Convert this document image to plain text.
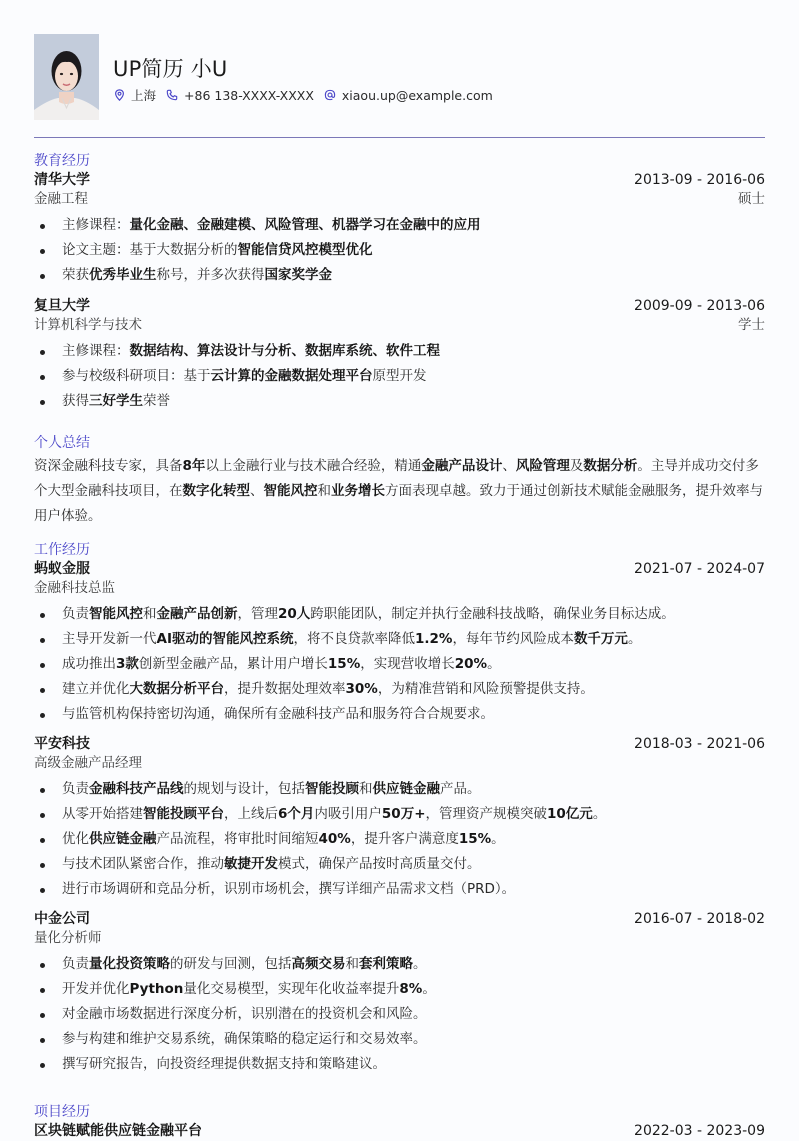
UP简历 小U
上海 +86 138-XXXX-XXXX xiaou.up@example.com
教育经历
清华大学	2013-09 - 2016-06
金融工程	硕士
主修课程：量化金融、金融建模、风险管理、机器学习在金融中的应用
论文主题：基于大数据分析的智能信贷风控模型优化
荣获优秀毕业生称号，并多次获得国家奖学金
复旦大学	2009-09 - 2013-06
计算机科学与技术	学士
主修课程：数据结构、算法设计与分析、数据库系统、软件工程
参与校级科研项目：基于云计算的金融数据处理平台原型开发
获得三好学生荣誉
个人总结

资深金融科技专家，具备8年以上金融行业与技术融合经验，精通金融产品设计、风险管理及数据分析。主导并成功交付多个大型金融科技项目，在数字化转型、智能风控和业务增长方面表现卓越。致力于通过创新技术赋能金融服务，提升效率与用户体验。

工作经历
蚂蚁金服	2021-07 - 2024-07
金融科技总监
负责智能风控和金融产品创新，管理20人跨职能团队，制定并执行金融科技战略，确保业务目标达成。
主导开发新一代AI驱动的智能风控系统，将不良贷款率降低1.2%，每年节约风险成本数千万元。
成功推出3款创新型金融产品，累计用户增长15%，实现营收增长20%。
建立并优化大数据分析平台，提升数据处理效率30%，为精准营销和风险预警提供支持。
与监管机构保持密切沟通，确保所有金融科技产品和服务符合合规要求。
平安科技	2018-03 - 2021-06
高级金融产品经理
负责金融科技产品线的规划与设计，包括智能投顾和供应链金融产品。
从零开始搭建智能投顾平台，上线后6个月内吸引用户50万+，管理资产规模突破10亿元。
优化供应链金融产品流程，将审批时间缩短40%，提升客户满意度15%。
与技术团队紧密合作，推动敏捷开发模式，确保产品按时高质量交付。
进行市场调研和竞品分析，识别市场机会，撰写详细产品需求文档（PRD）。
中金公司	2016-07 - 2018-02
量化分析师
负责量化投资策略的研发与回测，包括高频交易和套利策略。
开发并优化Python量化交易模型，实现年化收益率提升8%。
对金融市场数据进行深度分析，识别潜在的投资机会和风险。
参与构建和维护交易系统，确保策略的稳定运行和交易效率。
撰写研究报告，向投资经理提供数据支持和策略建议。
项目经历
区块链赋能供应链金融平台	2022-03 - 2023-09
